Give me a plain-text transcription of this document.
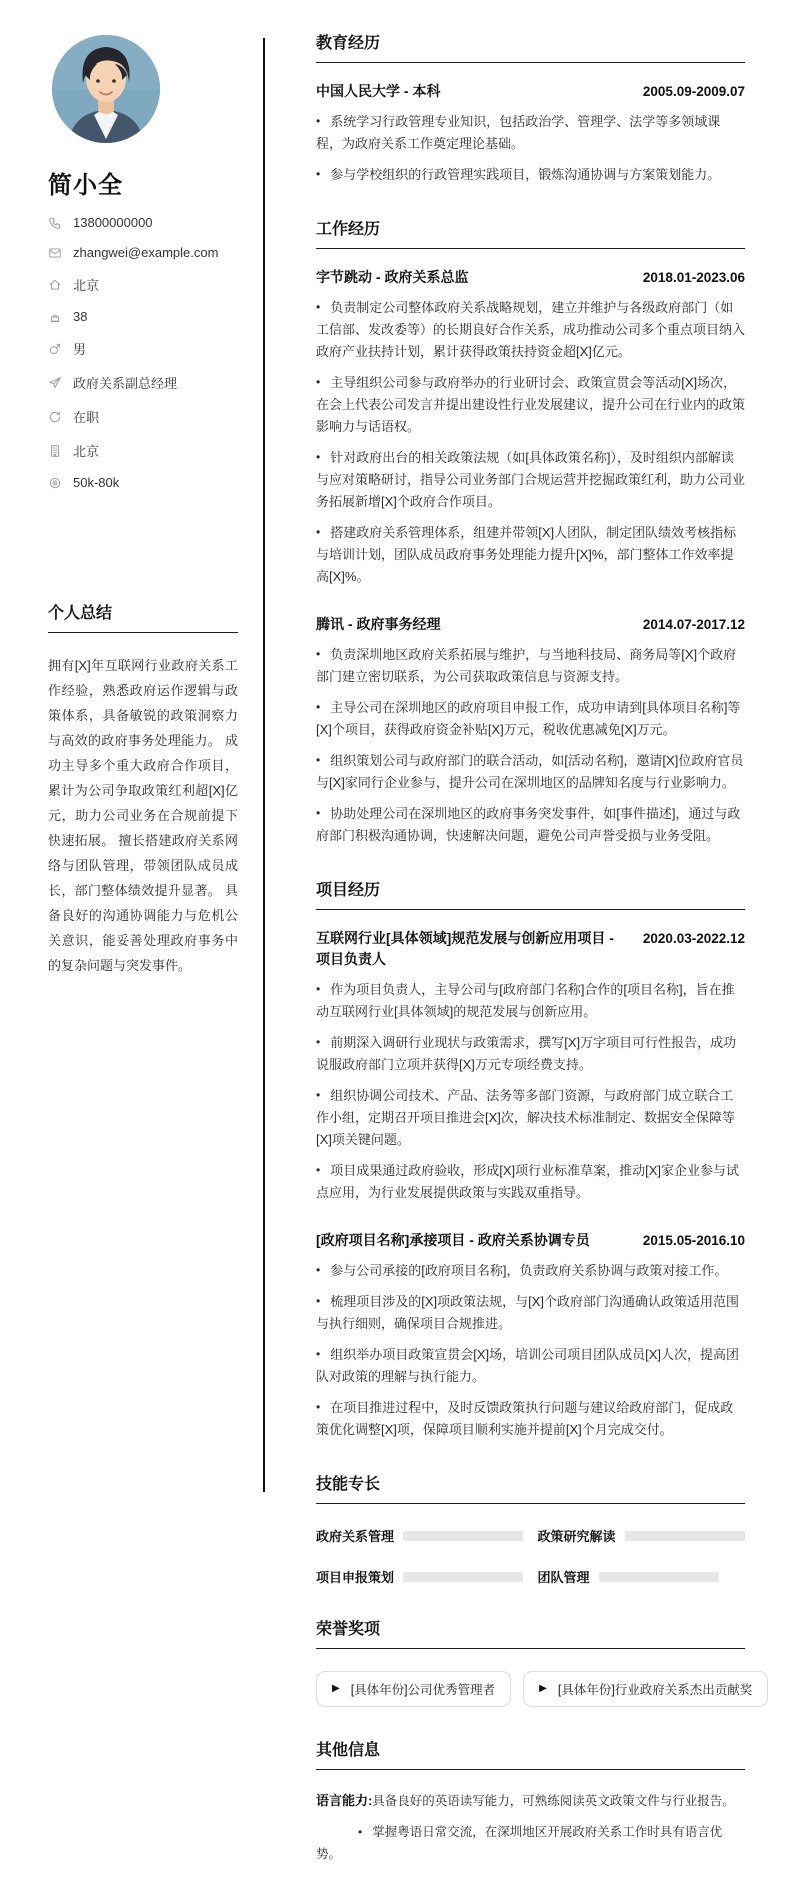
简小全
13800000000
zhangwei@example.com
北京
38
男
政府关系副总经理
在职
北京
50k-80k
个人总结

拥有[X]年互联网行业政府关系工作经验，熟悉政府运作逻辑与政策体系，具备敏锐的政策洞察力与高效的政府事务处理能力。 成功主导多个重大政府合作项目，累计为公司争取政策红利超[X]亿元，助力公司业务在合规前提下快速拓展。 擅长搭建政府关系网络与团队管理，带领团队成员成长，部门整体绩效提升显著。 具备良好的沟通协调能力与危机公关意识，能妥善处理政府事务中的复杂问题与突发事件。

教育经历
中国人民大学 - 本科	2005.09-2009.07

• 系统学习行政管理专业知识，包括政治学、管理学、法学等多领域课程，为政府关系工作奠定理论基础。

• 参与学校组织的行政管理实践项目，锻炼沟通协调与方案策划能力。

工作经历
字节跳动 - 政府关系总监	2018.01-2023.06

• 负责制定公司整体政府关系战略规划，建立并维护与各级政府部门（如工信部、发改委等）的长期良好合作关系，成功推动公司多个重点项目纳入政府产业扶持计划，累计获得政策扶持资金超[X]亿元。

• 主导组织公司参与政府举办的行业研讨会、政策宣贯会等活动[X]场次，在会上代表公司发言并提出建设性行业发展建议，提升公司在行业内的政策影响力与话语权。

• 针对政府出台的相关政策法规（如[具体政策名称]），及时组织内部解读与应对策略研讨，指导公司业务部门合规运营并挖掘政策红利，助力公司业务拓展新增[X]个政府合作项目。

• 搭建政府关系管理体系，组建并带领[X]人团队，制定团队绩效考核指标与培训计划，团队成员政府事务处理能力提升[X]%，部门整体工作效率提高[X]%。

腾讯 - 政府事务经理	2014.07-2017.12

• 负责深圳地区政府关系拓展与维护，与当地科技局、商务局等[X]个政府部门建立密切联系，为公司获取政策信息与资源支持。

• 主导公司在深圳地区的政府项目申报工作，成功申请到[具体项目名称]等[X]个项目，获得政府资金补贴[X]万元，税收优惠减免[X]万元。

• 组织策划公司与政府部门的联合活动，如[活动名称]，邀请[X]位政府官员与[X]家同行企业参与，提升公司在深圳地区的品牌知名度与行业影响力。

• 协助处理公司在深圳地区的政府事务突发事件，如[事件描述]，通过与政府部门积极沟通协调，快速解决问题，避免公司声誉受损与业务受阻。

项目经历
互联网行业[具体领域]规范发展与创新应用项目 - 项目负责人
2020.03-2022.12

• 作为项目负责人，主导公司与[政府部门名称]合作的[项目名称]，旨在推动互联网行业[具体领域]的规范发展与创新应用。

• 前期深入调研行业现状与政策需求，撰写[X]万字项目可行性报告，成功说服政府部门立项并获得[X]万元专项经费支持。

• 组织协调公司技术、产品、法务等多部门资源，与政府部门成立联合工作小组，定期召开项目推进会[X]次，解决技术标准制定、数据安全保障等[X]项关键问题。

• 项目成果通过政府验收，形成[X]项行业标准草案，推动[X]家企业参与试点应用，为行业发展提供政策与实践双重指导。

[政府项目名称]承接项目 - 政府关系协调专员	2015.05-2016.10

• 参与公司承接的[政府项目名称]，负责政府关系协调与政策对接工作。

• 梳理项目涉及的[X]项政策法规，与[X]个政府部门沟通确认政策适用范围与执行细则，确保项目合规推进。

• 组织举办项目政策宣贯会[X]场，培训公司项目团队成员[X]人次，提高团队对政策的理解与执行能力。

• 在项目推进过程中，及时反馈政策执行问题与建议给政府部门，促成政策优化调整[X]项，保障项目顺利实施并提前[X]个月完成交付。

技能专长
政府关系管理	政策研究解读
项目申报策划	团队管理
荣誉奖项
▶ [具体年份]公司优秀管理者	▶ [具体年份]行业政府关系杰出贡献奖
其他信息
语言能力: • 具备良好的英语读写能力，可熟练阅读英文政策文件与行业报告。

• 掌握粤语日常交流，在深圳地区开展政府关系工作时具有语言优势。
